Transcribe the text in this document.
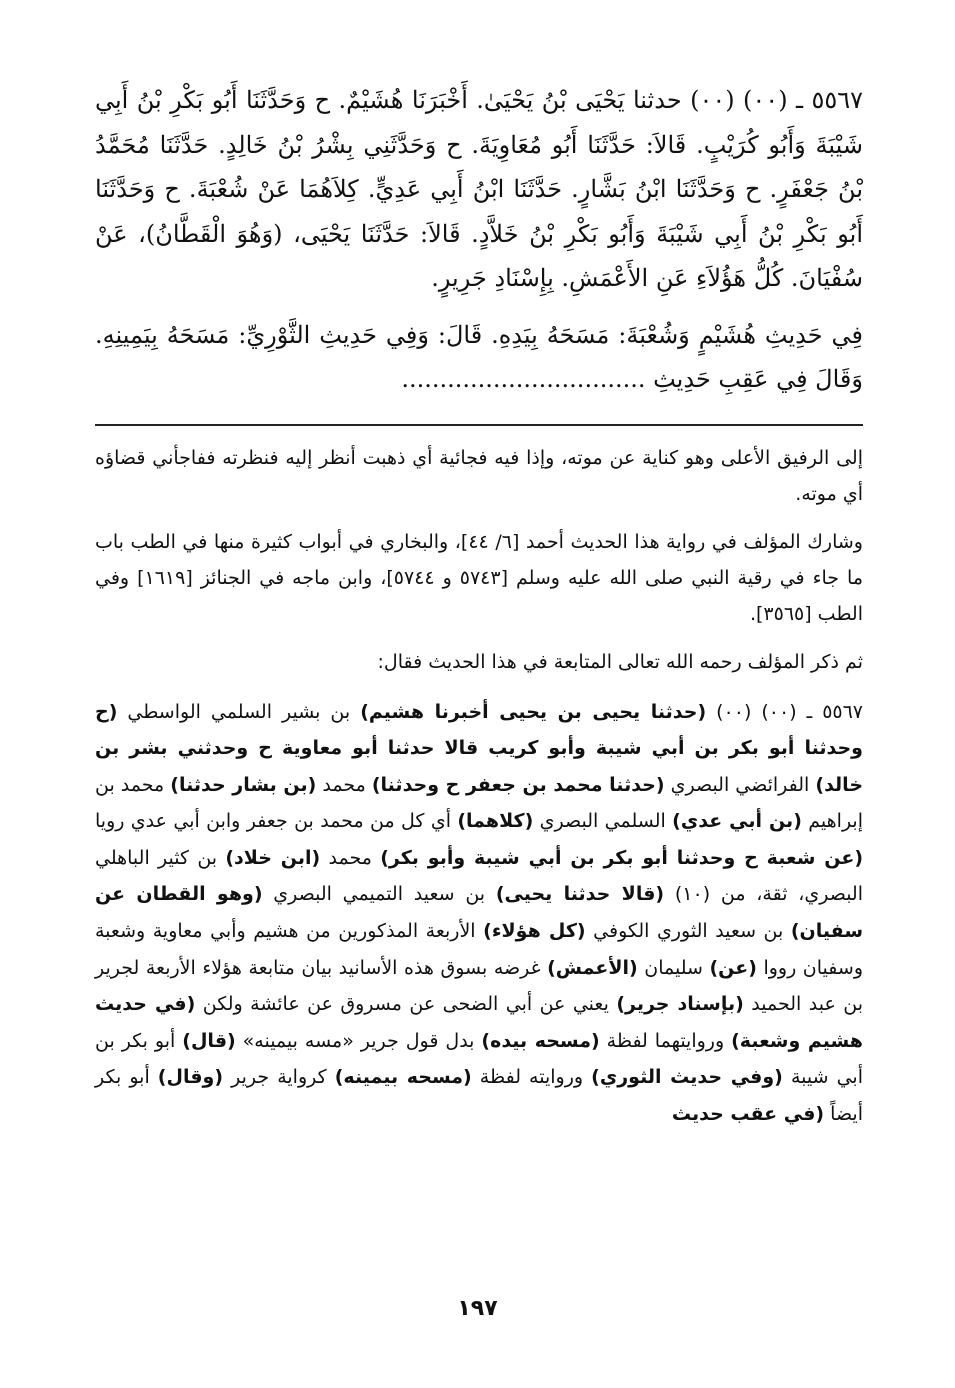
٥٥٦٧ ـ (٠٠) (٠٠) حدثنا يَحْيَى بْنُ يَحْيَىٰ. أَخْبَرَنَا هُشَيْمٌ. ح وَحَدَّثَنَا أَبُو بَكْرِ بْنُ أَبِي شَيْبَةَ وَأَبُو كُرَيْبٍ. قَالاَ: حَدَّثَنَا أَبُو مُعَاوِيَةَ. ح وَحَدَّثَنِي بِشْرُ بْنُ خَالِدٍ. حَدَّثَنَا مُحَمَّدُ بْنُ جَعْفَرٍ. ح وَحَدَّثَنَا ابْنُ بَشَّارٍ. حَدَّثَنَا ابْنُ أَبِي عَدِيٍّ. كِلاَهُمَا عَنْ شُعْبَةَ. ح وَحَدَّثَنَا أَبُو بَكْرِ بْنُ أَبِي شَيْبَةَ وَأَبُو بَكْرِ بْنُ خَلاَّدٍ. قَالاَ: حَدَّثَنَا يَحْيَى، (وَهُوَ الْقَطَّانُ)، عَنْ سُفْيَانَ. كُلُّ هَؤُلاَءِ عَنِ الأَعْمَشِ. بِإِسْنَادِ جَرِيرٍ.

فِي حَدِيثِ هُشَيْمٍ وَشُعْبَةَ: مَسَحَهُ بِيَدِهِ. قَالَ: وَفِي حَدِيثِ الثَّوْرِيِّ: مَسَحَهُ بِيَمِينِهِ. وَقَالَ فِي عَقِبِ حَدِيثِ ................................

إلى الرفيق الأعلى وهو كناية عن موته، وإذا فيه فجائية أي ذهبت أنظر إليه فنظرته ففاجأني قضاؤه أي موته.

وشارك المؤلف في رواية هذا الحديث أحمد [٦/ ٤٤]، والبخاري في أبواب كثيرة منها في الطب باب ما جاء في رقية النبي صلى الله عليه وسلم [٥٧٤٣ و ٥٧٤٤]، وابن ماجه في الجنائز [١٦١٩] وفي الطب [٣٥٦٥].

ثم ذكر المؤلف رحمه الله تعالى المتابعة في هذا الحديث فقال:

٥٥٦٧ ـ (٠٠) (٠٠) (حدثنا يحيى بن يحيى أخبرنا هشيم) بن بشير السلمي الواسطي (ح وحدثنا أبو بكر بن أبي شيبة وأبو كريب قالا حدثنا أبو معاوية ح وحدثني بشر بن خالد) الفرائضي البصري (حدثنا محمد بن جعفر ح وحدثنا) محمد (بن بشار حدثنا) محمد بن إبراهيم (بن أبي عدي) السلمي البصري (كلاهما) أي كل من محمد بن جعفر وابن أبي عدي رويا (عن شعبة ح وحدثنا أبو بكر بن أبي شيبة وأبو بكر) محمد (ابن خلاد) بن كثير الباهلي البصري، ثقة، من (١٠) (قالا حدثنا يحيى) بن سعيد التميمي البصري (وهو القطان عن سفيان) بن سعيد الثوري الكوفي (كل هؤلاء) الأربعة المذكورين من هشيم وأبي معاوية وشعبة وسفيان رووا (عن) سليمان (الأعمش) غرضه بسوق هذه الأسانيد بيان متابعة هؤلاء الأربعة لجرير بن عبد الحميد (بإسناد جرير) يعني عن أبي الضحى عن مسروق عن عائشة ولكن (في حديث هشيم وشعبة) وروايتهما لفظة (مسحه بيده) بدل قول جرير «مسه بيمينه» (قال) أبو بكر بن أبي شيبة (وفي حديث الثوري) وروايته لفظة (مسحه بيمينه) كرواية جرير (وقال) أبو بكر أيضاً (في عقب حديث

١٩٧
